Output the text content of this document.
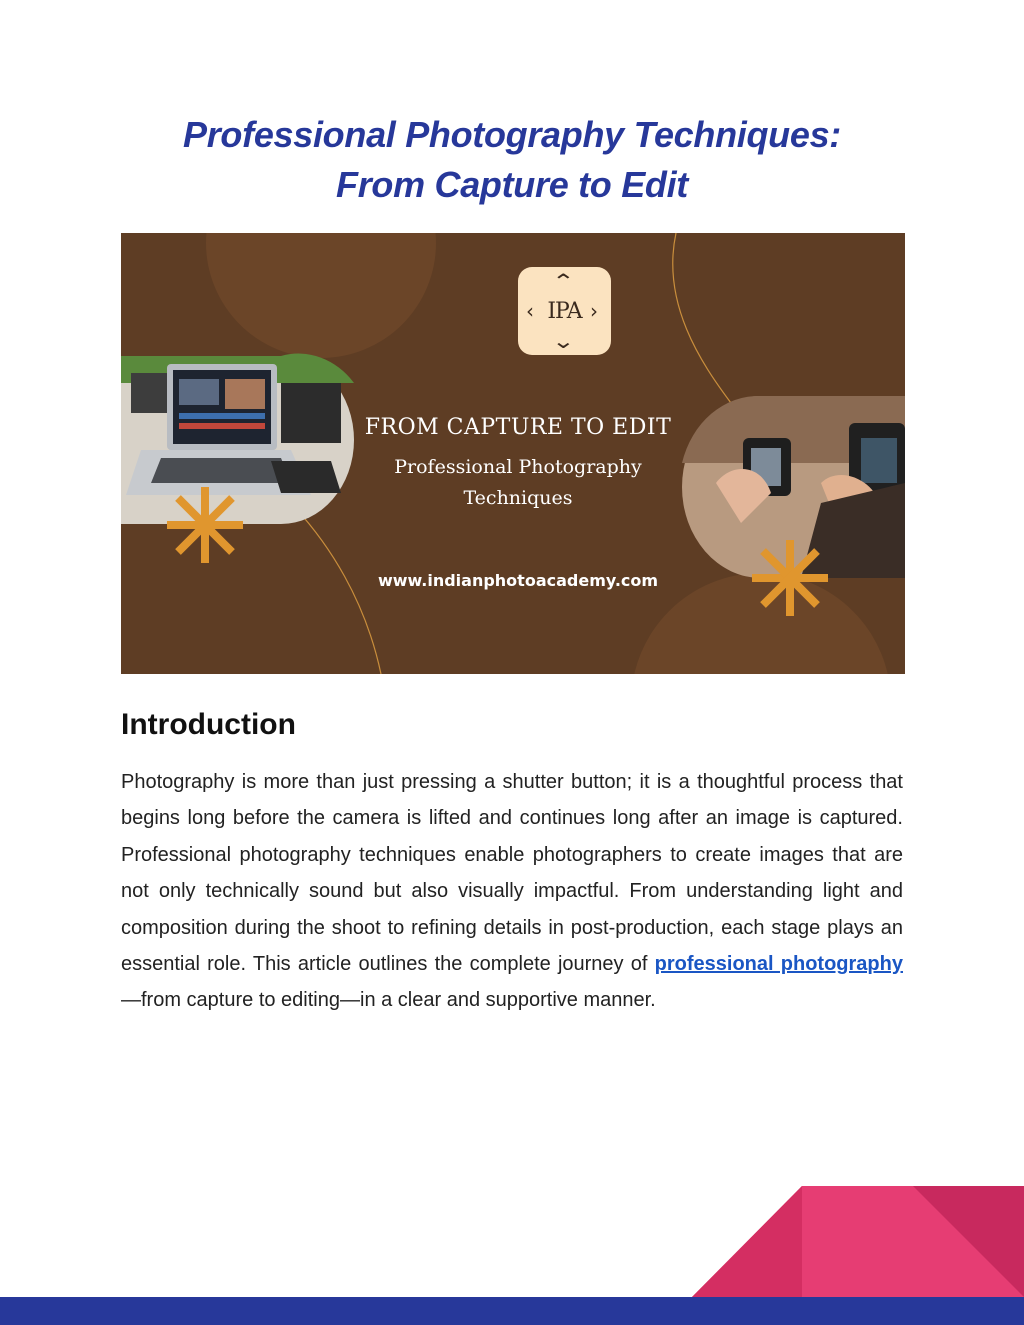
Professional Photography Techniques:
From Capture to Edit
⌃
‹ IPA ›
⌄
FROM CAPTURE TO EDIT
Professional Photography
Techniques
www.indianphotoacademy.com
Introduction

Photography is more than just pressing a shutter button; it is a thoughtful process that begins long before the camera is lifted and continues long after an image is captured. Professional photography techniques enable photographers to create images that are not only technically sound but also visually impactful. From understanding light and composition during the shoot to refining details in post-production, each stage plays an essential role. This article outlines the complete journey of professional photography—from capture to editing—in a clear and supportive manner.
